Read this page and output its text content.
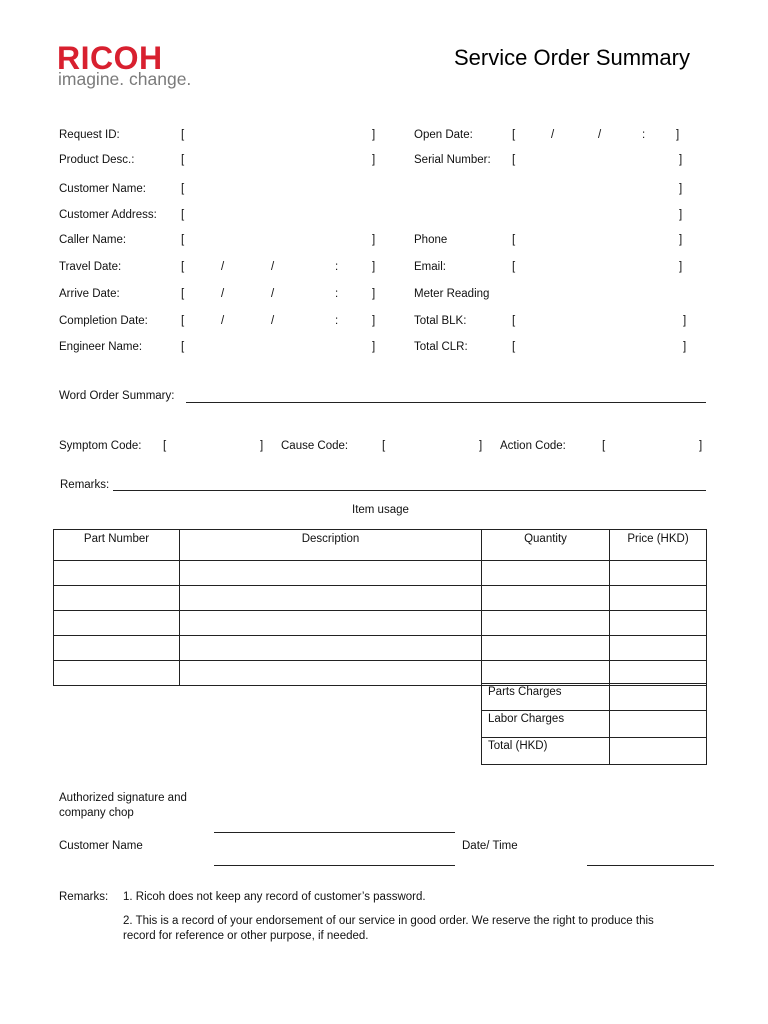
RICOH
imagine. change.
Service Order Summary
Request ID:	[	]	Open Date:	[	/	/	:	]
Product Desc.:	[	]	Serial Number: [	]
Customer Name:	[	]
Customer Address: [	]
Caller Name:	[	]	Phone	[	]
Travel Date:	[	/	/	:	]	Email:	[	]
Arrive Date:	[	/	/	:	]	Meter Reading
Completion Date:	[	/	/	:	]	Total BLK:	[	]
Engineer Name:	[	]	Total CLR:	[	]
Word Order Summary:
Symptom Code: [	] Cause Code:	[	] Action Code:	[	]
Remarks:
Item usage
Part Number	Description	Quantity	Price (HKD)

Parts Charges	
Labor Charges	
Total (HKD)	
Authorized signature and
company chop
Customer Name	Date/ Time
Remarks: 1. Ricoh does not keep any record of customer’s password.
2. This is a record of your endorsement of our service in good order. We reserve the right to produce this
record for reference or other purpose, if needed.
